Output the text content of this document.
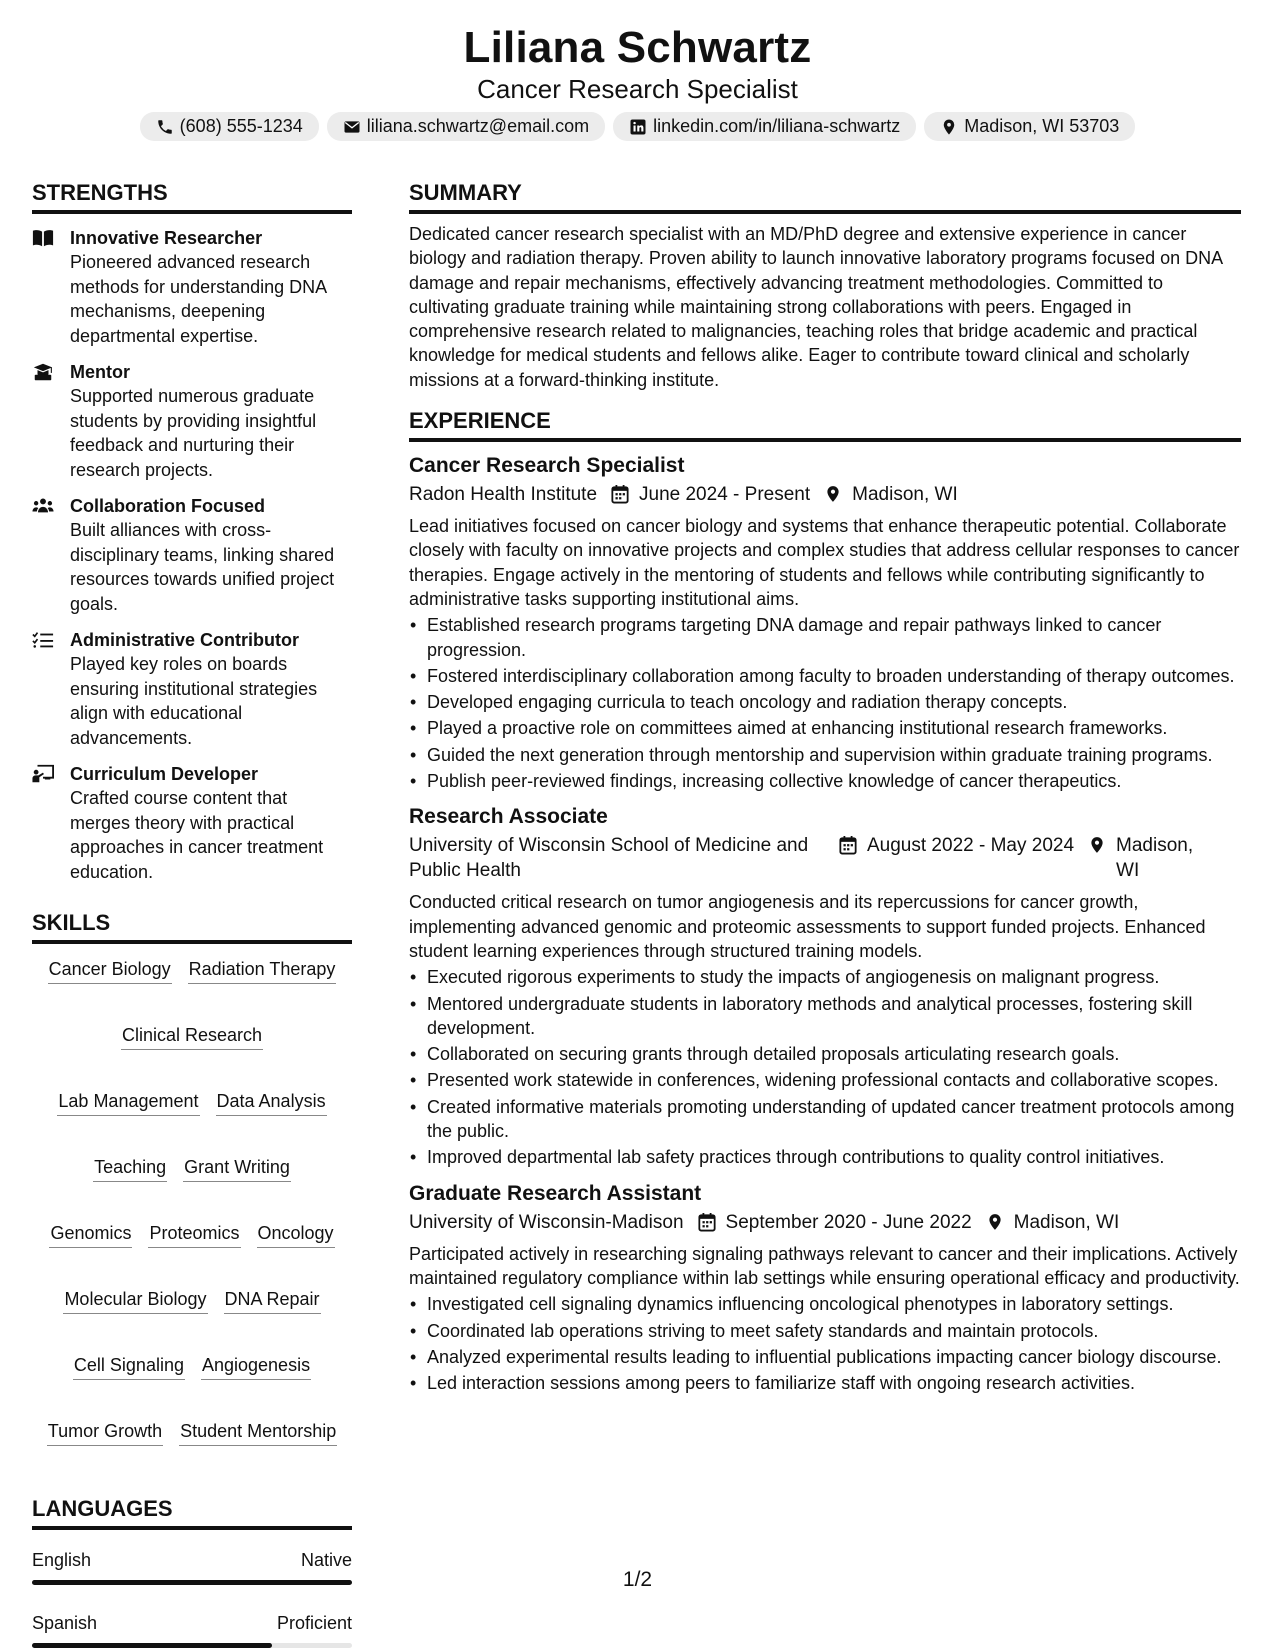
Liliana Schwartz
Cancer Research Specialist
(608) 555-1234	liliana.schwartz@email.com	linkedin.com/in/liliana-schwartz	Madison, WI 53703
STRENGTHS
Innovative Researcher
Pioneered advanced research methods for understanding DNA mechanisms, deepening departmental expertise.
Mentor
Supported numerous graduate students by providing insightful feedback and nurturing their research projects.
Collaboration Focused
Built alliances with cross-disciplinary teams, linking shared resources towards unified project goals.
Administrative Contributor
Played key roles on boards ensuring institutional strategies align with educational advancements.
Curriculum Developer
Crafted course content that merges theory with practical approaches in cancer treatment education.
SKILLS
Cancer Biology Radiation Therapy
Clinical Research
Lab Management Data Analysis
Teaching Grant Writing
Genomics Proteomics Oncology
Molecular Biology DNA Repair
Cell Signaling Angiogenesis
Tumor Growth Student Mentorship
LANGUAGES
English	Native
Spanish	Proficient
SUMMARY
Dedicated cancer research specialist with an MD/PhD degree and extensive experience in cancer biology and radiation therapy. Proven ability to launch innovative laboratory programs focused on DNA damage and repair mechanisms, effectively advancing treatment methodologies. Committed to cultivating graduate training while maintaining strong collaborations with peers. Engaged in comprehensive research related to malignancies, teaching roles that bridge academic and practical knowledge for medical students and fellows alike. Eager to contribute toward clinical and scholarly missions at a forward-thinking institute.
EXPERIENCE
Cancer Research Specialist
Radon Health Institute June 2024 - Present Madison, WI
Lead initiatives focused on cancer biology and systems that enhance therapeutic potential. Collaborate closely with faculty on innovative projects and complex studies that address cellular responses to cancer therapies. Engage actively in the mentoring of students and fellows while contributing significantly to administrative tasks supporting institutional aims.
• Established research programs targeting DNA damage and repair pathways linked to cancer progression.
• Fostered interdisciplinary collaboration among faculty to broaden understanding of therapy outcomes.
• Developed engaging curricula to teach oncology and radiation therapy concepts.
• Played a proactive role on committees aimed at enhancing institutional research frameworks.
• Guided the next generation through mentorship and supervision within graduate training programs.
• Publish peer-reviewed findings, increasing collective knowledge of cancer therapeutics.
Research Associate
University of Wisconsin School of Medicine and Public Health
August 2022 - May 2024 Madison, WI
Conducted critical research on tumor angiogenesis and its repercussions for cancer growth, implementing advanced genomic and proteomic assessments to support funded projects. Enhanced student learning experiences through structured training models.
• Executed rigorous experiments to study the impacts of angiogenesis on malignant progress.
• Mentored undergraduate students in laboratory methods and analytical processes, fostering skill development.
• Collaborated on securing grants through detailed proposals articulating research goals.
• Presented work statewide in conferences, widening professional contacts and collaborative scopes.
• Created informative materials promoting understanding of updated cancer treatment protocols among the public.
• Improved departmental lab safety practices through contributions to quality control initiatives.
Graduate Research Assistant
University of Wisconsin-Madison September 2020 - June 2022 Madison, WI
Participated actively in researching signaling pathways relevant to cancer and their implications. Actively maintained regulatory compliance within lab settings while ensuring operational efficacy and productivity.
• Investigated cell signaling dynamics influencing oncological phenotypes in laboratory settings.
• Coordinated lab operations striving to meet safety standards and maintain protocols.
• Analyzed experimental results leading to influential publications impacting cancer biology discourse.
• Led interaction sessions among peers to familiarize staff with ongoing research activities.
1/2
